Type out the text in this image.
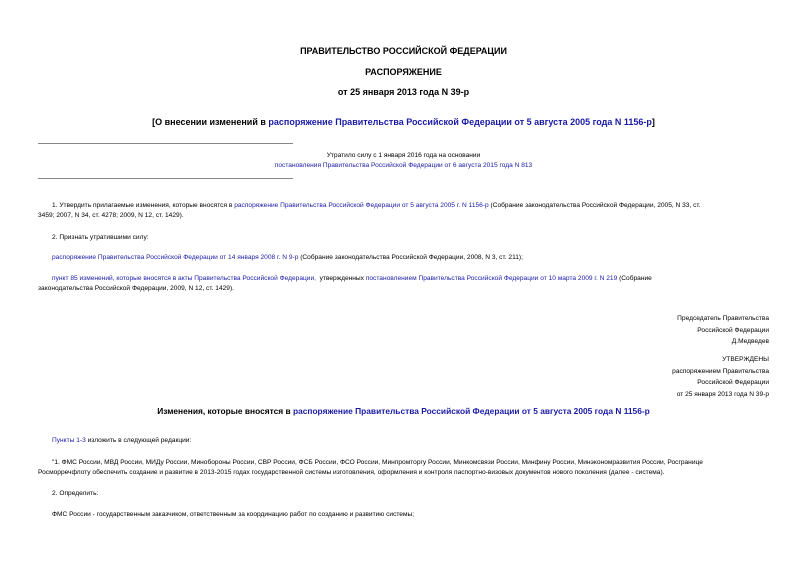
ПРАВИТЕЛЬСТВО РОССИЙСКОЙ ФЕДЕРАЦИИ
РАСПОРЯЖЕНИЕ
от 25 января 2013 года N 39-р
[О внесении изменений в распоряжение Правительства Российской Федерации от 5 августа 2005 года N 1156-р]
Утратило силу с 1 января 2016 года на основании
постановления Правительства Российской Федерации от 6 августа 2015 года N 813
1. Утвердить прилагаемые изменения, которые вносятся в распоряжение Правительства Российской Федерации от 5 августа 2005 г. N 1156-р (Собрание законодательства Российской Федерации, 2005, N 33, ст.
3459; 2007, N 34, ст. 4278; 2009, N 12, ст. 1429).
2. Признать утратившими силу:
распоряжение Правительства Российской Федерации от 14 января 2008 г. N 9-р (Собрание законодательства Российской Федерации, 2008, N 3, ст. 211);
пункт 85 изменений, которые вносятся в акты Правительства Российской Федерации,  утвержденных постановлением Правительства Российской Федерации от 10 марта 2009 г. N 219 (Собрание
законодательства Российской Федерации, 2009, N 12, ст. 1429).
Председатель Правительства
Российской Федерации
Д.Медведев
УТВЕРЖДЕНЫ
распоряжением Правительства
Российской Федерации
от 25 января 2013 года N 39-р
Изменения, которые вносятся в распоряжение Правительства Российской Федерации от 5 августа 2005 года N 1156-р
Пункты 1-3 изложить в следующей редакции:
"1. ФМС России, МВД России, МИДу России, Минобороны России, СВР России, ФСБ России, ФСО России, Минпромторгу России, Минкомсвязи России, Минфину России, Минэкономразвития России, Росграницe
Росморречфлоту обеспечить создание и развитие в 2013-2015 годах государственной системы изготовления, оформления и контроля паспортно-визовых документов нового поколения (далее - система).
2. Определить:
ФМС России - государственным заказчиком, ответственным за координацию работ по созданию и развитию системы;
